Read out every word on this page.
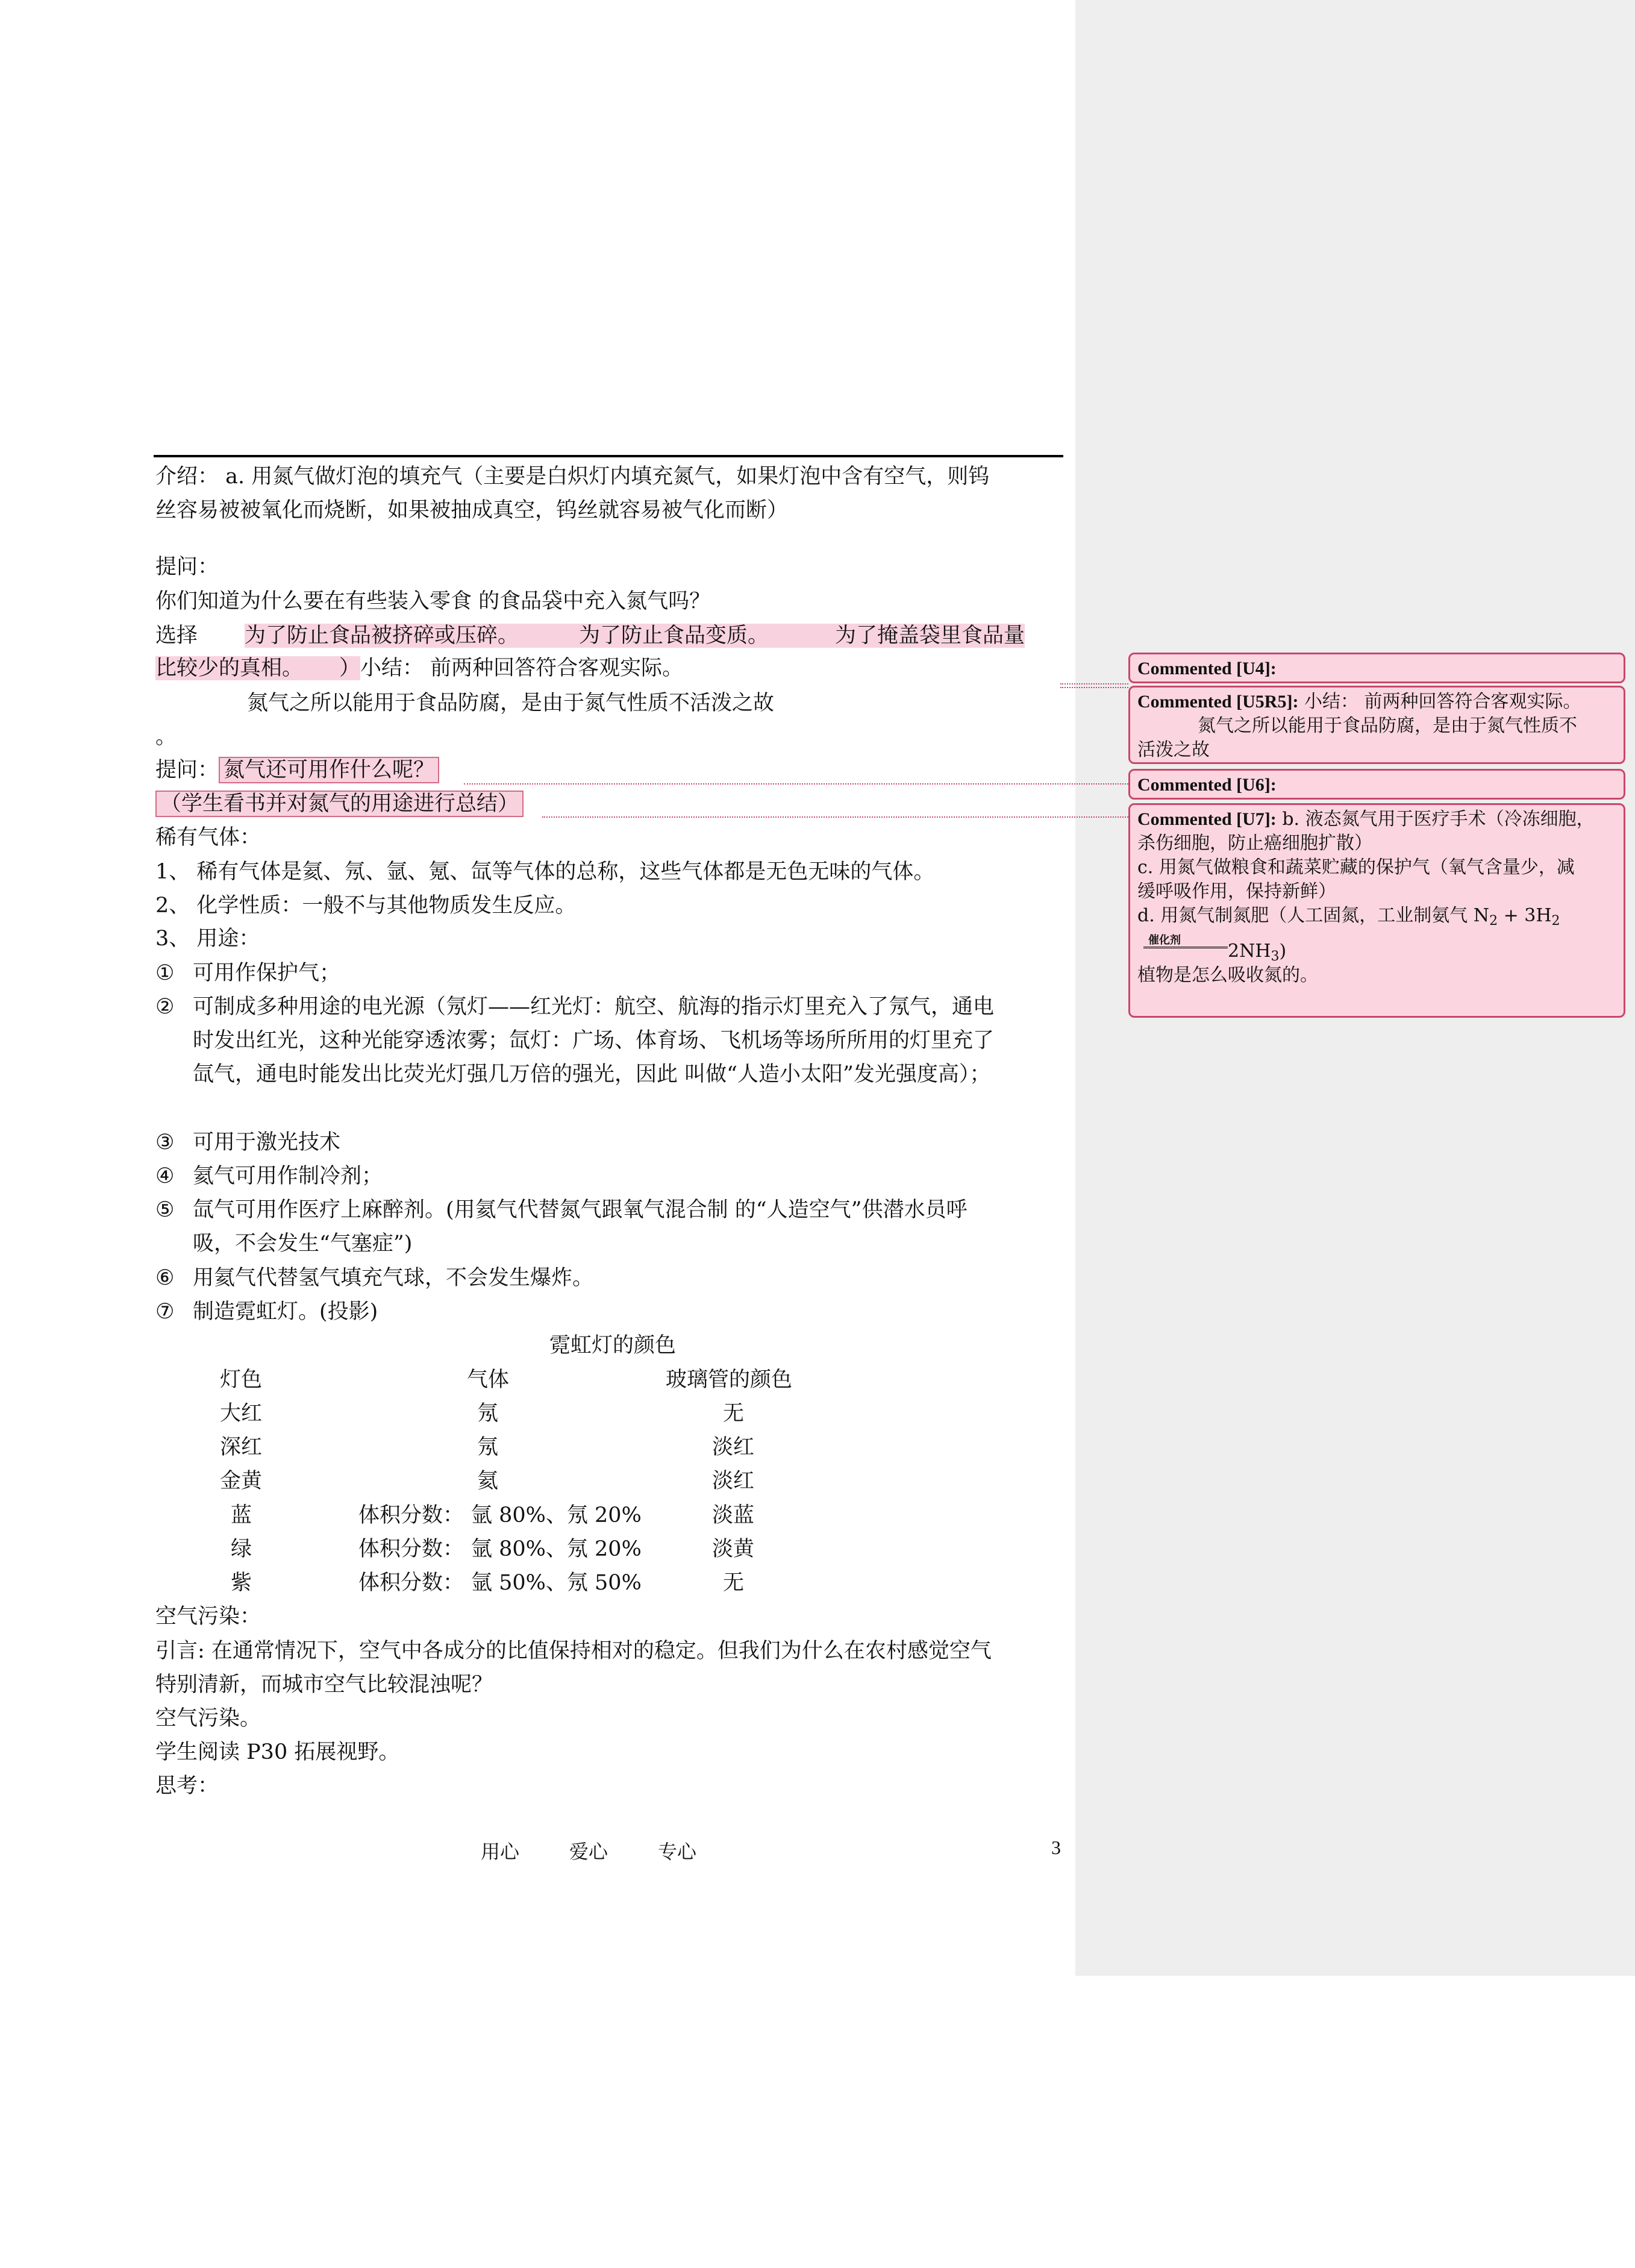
介绍： a. 用氮气做灯泡的填充气（主要是白炽灯内填充氮气，如果灯泡中含有空气，则钨
丝容易被被氧化而烧断，如果被抽成真空，钨丝就容易被气化而断）
提问：
你们知道为什么要在有些装入零食 的食品袋中充入氮气吗？
选择 为了防止食品被挤碎或压碎。	为了防止食品变质。	为了掩盖袋里食品量
比较少的真相。 ）小结： 前两种回答符合客观实际。
氮气之所以能用于食品防腐，是由于氮气性质不活泼之故
。
提问： 氮气还可用作什么呢？
（学生看书并对氮气的用途进行总结）
稀有气体：
1、 稀有气体是氦、氖、氩、氪、氙等气体的总称，这些气体都是无色无味的气体。
2、 化学性质：一般不与其他物质发生反应。
3、 用途：
① 可用作保护气；
② 可制成多种用途的电光源（氖灯——红光灯：航空、航海的指示灯里充入了氖气，通电
时发出红光，这种光能穿透浓雾；氙灯：广场、体育场、飞机场等场所所用的灯里充了
氙气，通电时能发出比荧光灯强几万倍的强光，因此 叫做“人造小太阳”发光强度高）；
③ 可用于激光技术
④ 氦气可用作制冷剂；
⑤ 氙气可用作医疗上麻醉剂。(用氦气代替氮气跟氧气混合制 的“人造空气”供潜水员呼
吸，不会发生“气塞症”)
⑥ 用氦气代替氢气填充气球，不会发生爆炸。
⑦ 制造霓虹灯。(投影)
霓虹灯的颜色
灯色	气体	玻璃管的颜色
大红	氖	无
深红	氖	淡红
金黄	氦	淡红
蓝	体积分数： 氩 80%、氖 20%	淡蓝
绿	体积分数： 氩 80%、氖 20%	淡黄
紫	体积分数： 氩 50%、氖 50%	无
空气污染：
引言: 在通常情况下，空气中各成分的比值保持相对的稳定。但我们为什么在农村感觉空气
特别清新，而城市空气比较混浊呢？
空气污染。
学生阅读 P30 拓展视野。
思考：
用心	爱心	专心	3
Commented [U4]:
Commented [U5R5]: 小结： 前两种回答符合客观实际。
氮气之所以能用于食品防腐，是由于氮气性质不
活泼之故
Commented [U6]:
Commented [U7]: b. 液态氮气用于医疗手术（冷冻细胞，
杀伤细胞，防止癌细胞扩散）
c. 用氮气做粮食和蔬菜贮藏的保护气（氧气含量少，减
缓呼吸作用，保持新鲜）
d. 用氮气制氮肥（人工固氮，工业制氨气 $N_2 + 3H_2$
催化剂
$2NH_3$)
植物是怎么吸收氮的。
